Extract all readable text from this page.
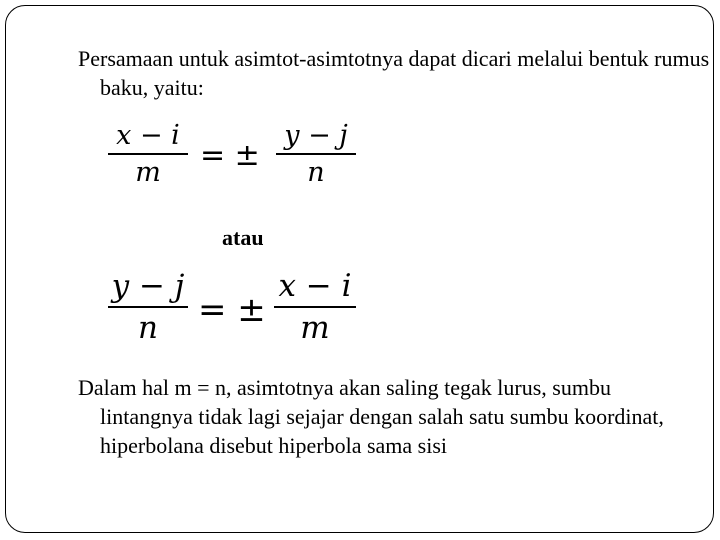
Persamaan untuk asimtot-asimtotnya dapat dicari melalui bentuk rumus baku, yaitu:
x − i
m	= ±
y − j
n
atau
y − j
n	= ±
x − i
m
Dalam hal m = n, asimtotnya akan saling tegak lurus, sumbu lintangnya tidak lagi sejajar dengan salah satu sumbu koordinat, hiperbolana disebut hiperbola sama sisi
